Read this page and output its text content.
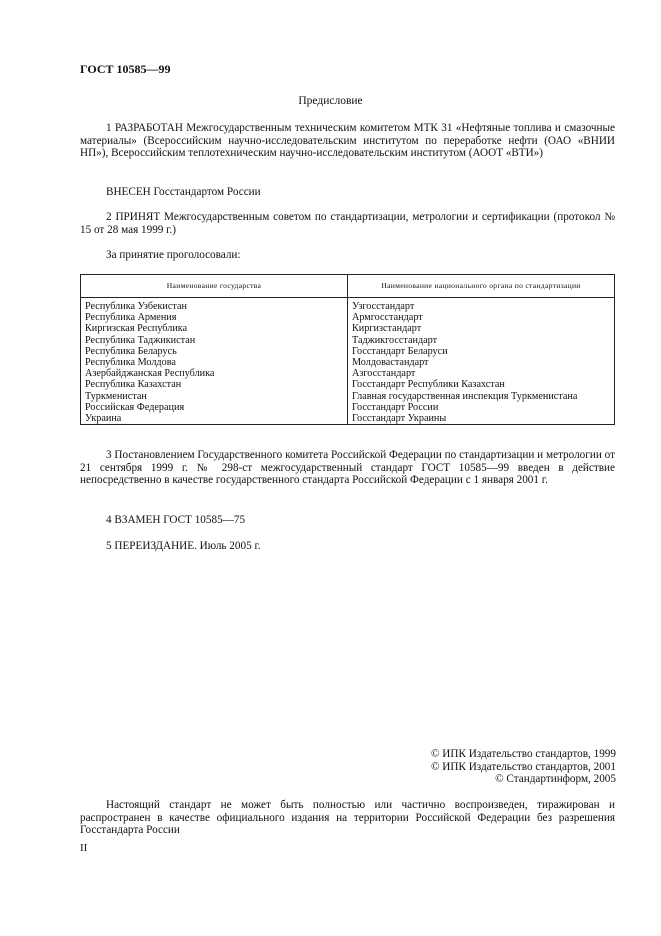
ГОСТ 10585—99
Предисловие

1 РАЗРАБОТАН Межгосударственным техническим комитетом МТК 31 «Нефтяные топлива и смазочные материалы» (Всероссийским научно-исследовательским институтом по переработке нефти (ОАО «ВНИИ НП»), Всероссийским теплотехническим научно-исследовательским институтом (АООТ «ВТИ»)

ВНЕСЕН Госстандартом России

2 ПРИНЯТ Межгосударственным советом по стандартизации, метрологии и сертификации (протокол № 15 от 28 мая 1999 г.)

За принятие проголосовали:
Наименование государства	Наименование национального органа по стандартизации
Республика Узбекистан	Узгосстандарт
Республика Армения	Армгосстандарт
Киргизская Республика	Киргизстандарт
Республика Таджикистан	Таджикгосстандарт
Республика Беларусь	Госстандарт Беларуси
Республика Молдова	Молдовастандарт
Азербайджанская Республика	Азгосстандарт
Республика Казахстан	Госстандарт Республики Казахстан
Туркменистан	Главная государственная инспекция Туркменистана
Российская Федерация	Госстандарт России
Украина	Госстандарт Украины

3 Постановлением Государственного комитета Российской Федерации по стандартизации и метрологии от 21 сентября 1999 г. № 298-ст межгосударственный стандарт ГОСТ 10585—99 введен в действие непосредственно в качестве государственного стандарта Российской Федерации с 1 января 2001 г.

4 ВЗАМЕН ГОСТ 10585—75
5 ПЕРЕИЗДАНИЕ. Июль 2005 г.
© ИПК Издательство стандартов, 1999
© ИПК Издательство стандартов, 2001
© Стандартинформ, 2005

Настоящий стандарт не может быть полностью или частично воспроизведен, тиражирован и распространен в качестве официального издания на территории Российской Федерации без разрешения Госстандарта России

II
